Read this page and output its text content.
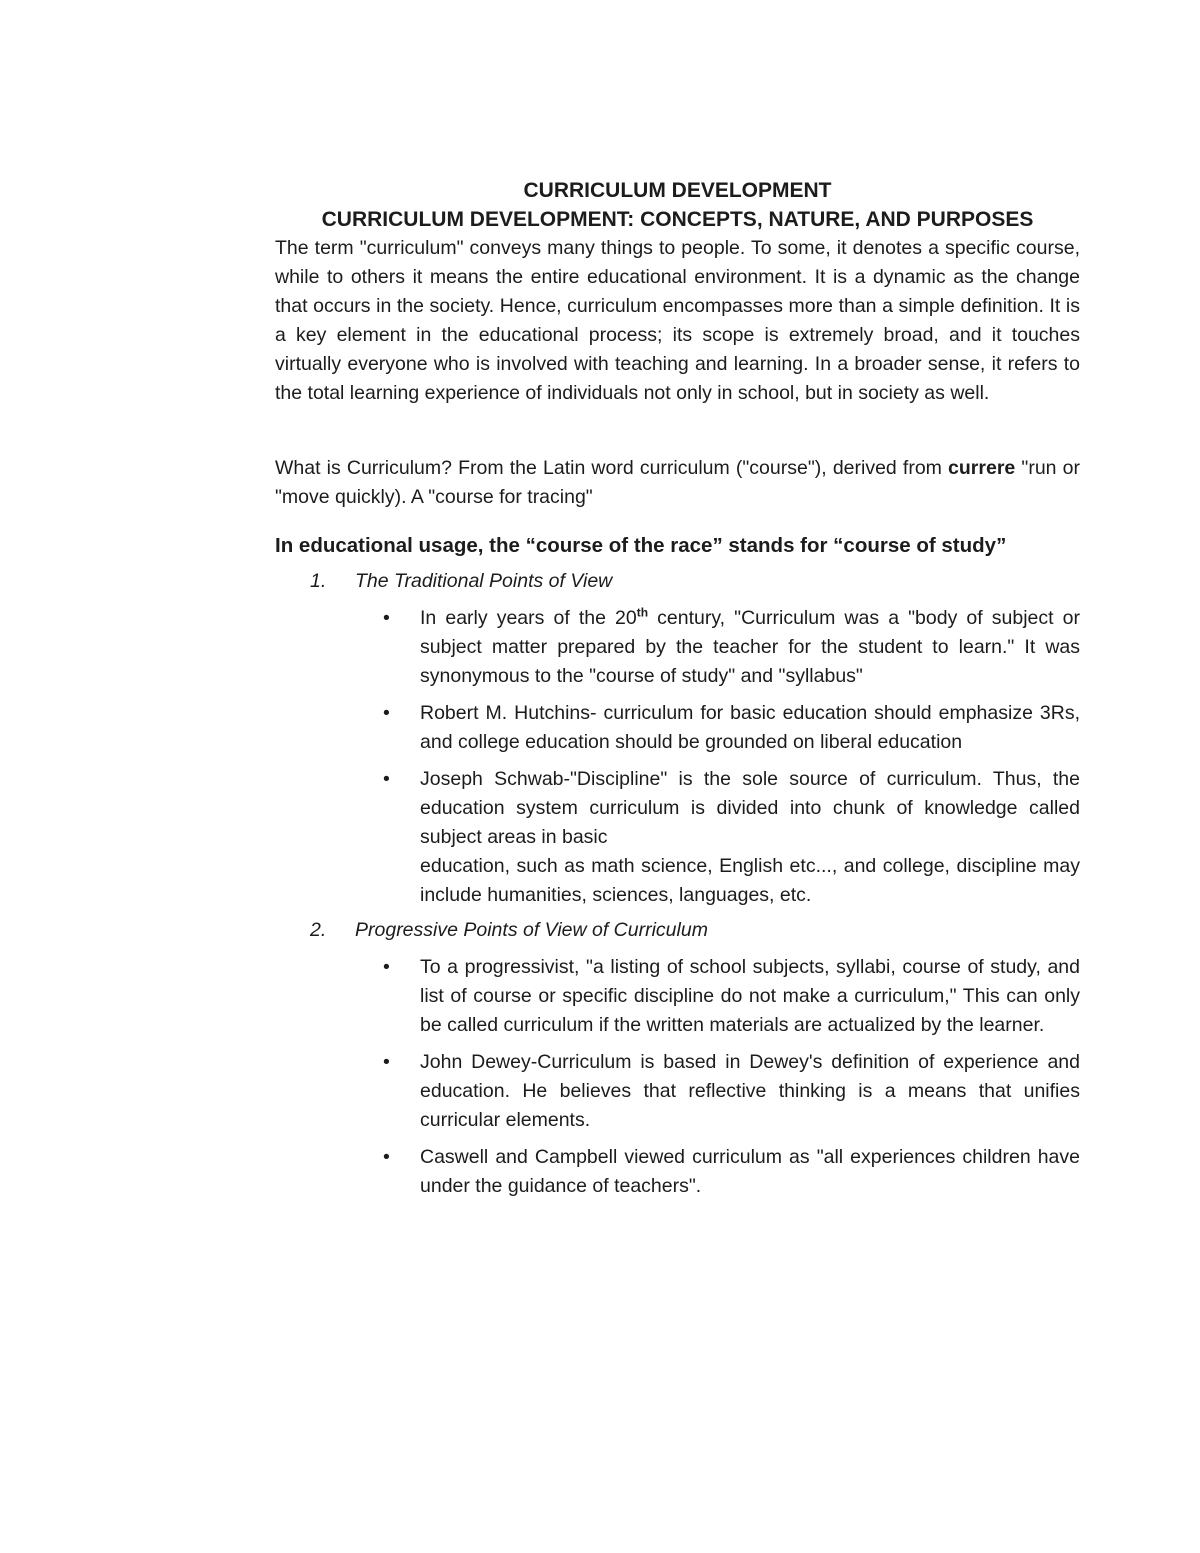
CURRICULUM DEVELOPMENT
CURRICULUM DEVELOPMENT: CONCEPTS, NATURE, AND PURPOSES

The term "curriculum" conveys many things to people. To some, it denotes a specific course, while to others it means the entire educational environment. It is a dynamic as the change that occurs in the society. Hence, curriculum encompasses more than a simple definition. It is a key element in the educational process; its scope is extremely broad, and it touches virtually everyone who is involved with teaching and learning. In a broader sense, it refers to the total learning experience of individuals not only in school, but in society as well.

What is Curriculum? From the Latin word curriculum ("course"), derived from currere "run or "move quickly). A "course for tracing"

In educational usage, the “course of the race” stands for “course of study”
1.	The Traditional Points of View
•	In early years of the 20th century, "Curriculum was a "body of subject or subject matter prepared by the teacher for the student to learn." It was synonymous to the "course of study" and "syllabus"
•	Robert M. Hutchins- curriculum for basic education should emphasize 3Rs, and college education should be grounded on liberal education
•	Joseph Schwab-"Discipline" is the sole source of curriculum. Thus, the education system curriculum is divided into chunk of knowledge called subject areas in basic
education, such as math science, English etc..., and college, discipline may include humanities, sciences, languages, etc.
2.	Progressive Points of View of Curriculum
•	To a progressivist, "a listing of school subjects, syllabi, course of study, and list of course or specific discipline do not make a curriculum," This can only be called curriculum if the written materials are actualized by the learner.
•	John Dewey-Curriculum is based in Dewey's definition of experience and education. He believes that reflective thinking is a means that unifies curricular elements.
•	Caswell and Campbell viewed curriculum as "all experiences children have under the guidance of teachers".
